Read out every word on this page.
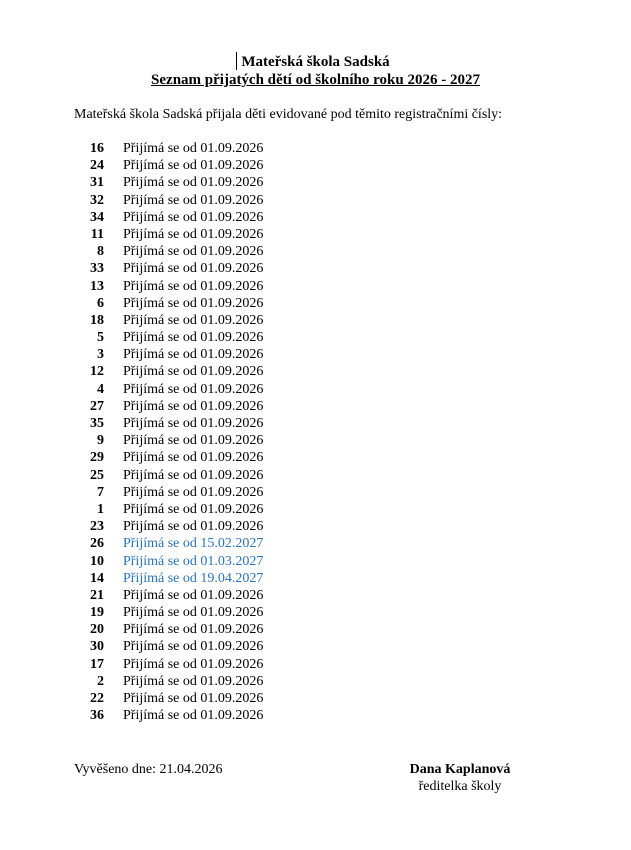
Mateřská škola Sadská
Seznam přijatých dětí od školního roku 2026 - 2027
Mateřská škola Sadská přijala děti evidované pod těmito registračními čísly:
16 Přijímá se od 01.09.2026
24 Přijímá se od 01.09.2026
31 Přijímá se od 01.09.2026
32 Přijímá se od 01.09.2026
34 Přijímá se od 01.09.2026
11 Přijímá se od 01.09.2026
8 Přijímá se od 01.09.2026
33 Přijímá se od 01.09.2026
13 Přijímá se od 01.09.2026
6 Přijímá se od 01.09.2026
18 Přijímá se od 01.09.2026
5 Přijímá se od 01.09.2026
3 Přijímá se od 01.09.2026
12 Přijímá se od 01.09.2026
4 Přijímá se od 01.09.2026
27 Přijímá se od 01.09.2026
35 Přijímá se od 01.09.2026
9 Přijímá se od 01.09.2026
29 Přijímá se od 01.09.2026
25 Přijímá se od 01.09.2026
7 Přijímá se od 01.09.2026
1 Přijímá se od 01.09.2026
23 Přijímá se od 01.09.2026
26 Přijímá se od 15.02.2027
10 Přijímá se od 01.03.2027
14 Přijímá se od 19.04.2027
21 Přijímá se od 01.09.2026
19 Přijímá se od 01.09.2026
20 Přijímá se od 01.09.2026
30 Přijímá se od 01.09.2026
17 Přijímá se od 01.09.2026
2 Přijímá se od 01.09.2026
22 Přijímá se od 01.09.2026
36 Přijímá se od 01.09.2026
Vyvěšeno dne: 21.04.2026	Dana Kaplanová
ředitelka školy
